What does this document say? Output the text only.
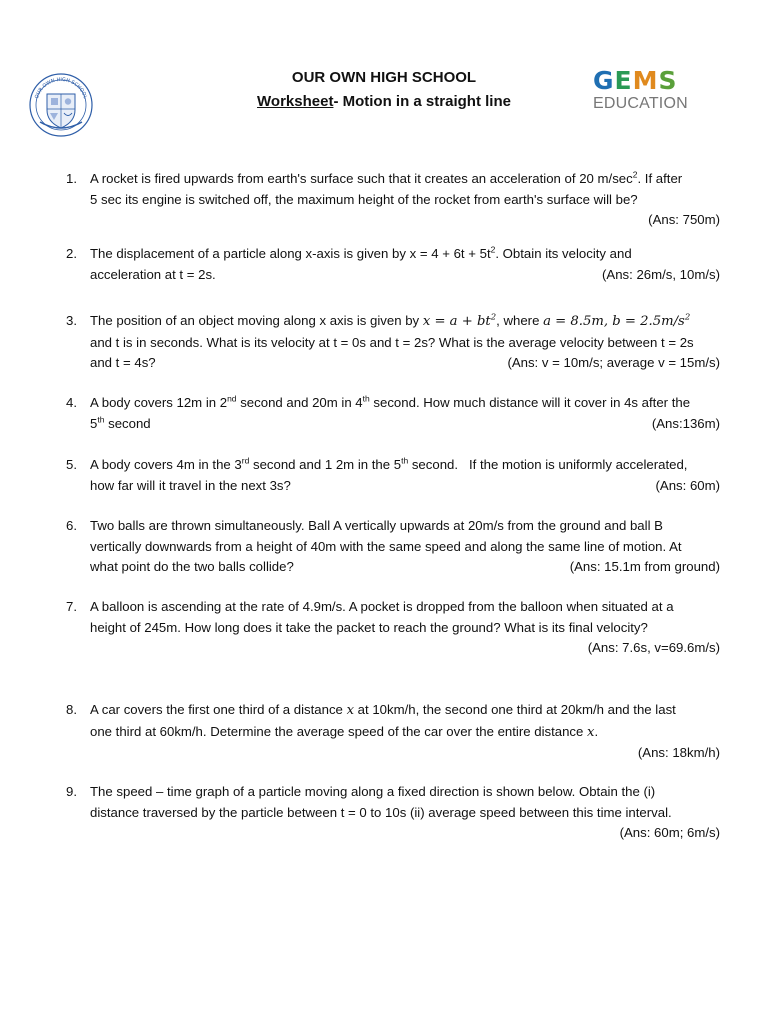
OUR OWN HIGH SCHOOL
GEMS
EDUCATION
OUR OWN HIGH SCHOOL
Worksheet- Motion in a straight line
1. A rocket is fired upwards from earth's surface such that it creates an acceleration of 20 $m/\sec^2$. If after
5 sec its engine is switched off, the maximum height of the rocket from earth's surface will be?
(Ans: 750m)
2. The displacement of a particle along x-axis is given by $x = 4 + 6t + 5t^2$. Obtain its velocity and
acceleration at t = 2s.	(Ans: 26m/s, 10m/s)
3. The position of an object moving along x axis is given by $x = a + bt^2$, where a = 8.5m, $b = 2.5m/s^2$
and t is in seconds. What is its velocity at t = 0s and t = 2s? What is the average velocity between t = 2s
and t = 4s?	(Ans: v = 10m/s; average v = 15m/s)
4. A body covers 12m in 2nd second and 20m in 4th second. How much distance will it cover in 4s after the
5th second	(Ans:136m)
5. A body covers 4m in the 3rd second and 1 2m in the 5th second.   If the motion is uniformly accelerated,
how far will it travel in the next 3s?	(Ans: 60m)
6. Two balls are thrown simultaneously. Ball A vertically upwards at 20m/s from the ground and ball B
vertically downwards from a height of 40m with the same speed and along the same line of motion. At
what point do the two balls collide?	(Ans: 15.1m from ground)
7. A balloon is ascending at the rate of 4.9m/s. A pocket is dropped from the balloon when situated at a
height of 245m. How long does it take the packet to reach the ground? What is its final velocity?
(Ans: 7.6s, v=69.6m/s)
8. A car covers the first one third of a distance x at 10km/h, the second one third at 20km/h and the last
one third at 60km/h. Determine the average speed of the car over the entire distance x.
(Ans: 18km/h)
9. The speed – time graph of a particle moving along a fixed direction is shown below. Obtain the (i)
distance traversed by the particle between t = 0 to 10s (ii) average speed between this time interval.
(Ans: 60m; 6m/s)
